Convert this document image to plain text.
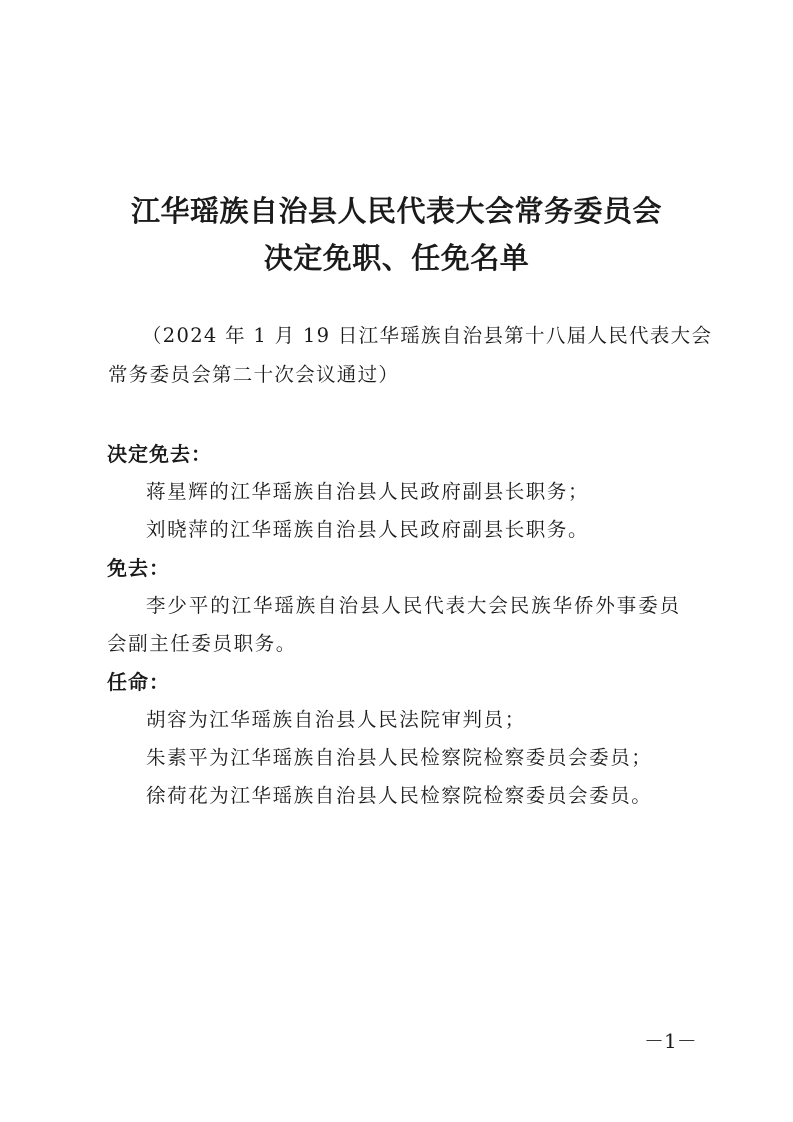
江华瑶族自治县人民代表大会常务委员会
决定免职、任免名单

（2024 年 1 月 19 日江华瑶族自治县第十八届人民代表大会

常务委员会第二十次会议通过）

决定免去：

蒋星辉的江华瑶族自治县人民政府副县长职务；

刘晓萍的江华瑶族自治县人民政府副县长职务。

免去：

李少平的江华瑶族自治县人民代表大会民族华侨外事委员

会副主任委员职务。

任命：

胡容为江华瑶族自治县人民法院审判员；

朱素平为江华瑶族自治县人民检察院检察委员会委员；

徐荷花为江华瑶族自治县人民检察院检察委员会委员。

－1－
